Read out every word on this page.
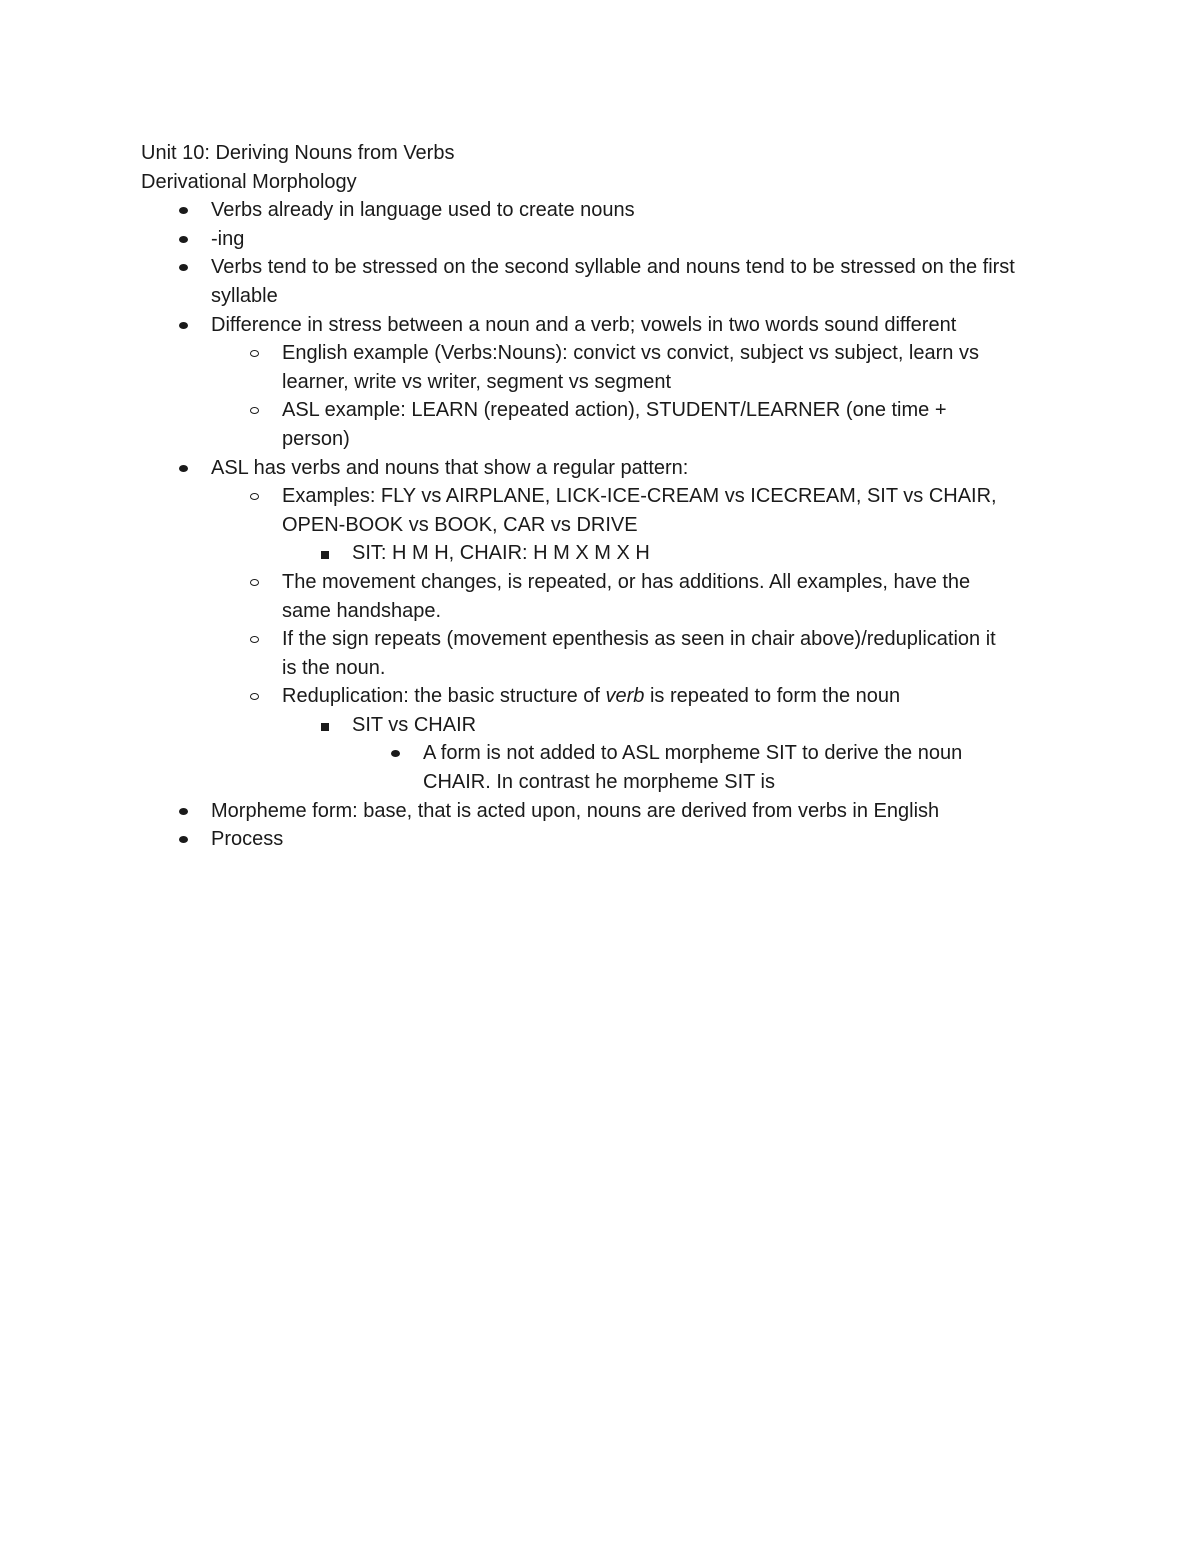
Unit 10: Deriving Nouns from Verbs
Derivational Morphology
Verbs already in language used to create nouns
-ing
Verbs tend to be stressed on the second syllable and nouns tend to be stressed on the first syllable
Difference in stress between a noun and a verb; vowels in two words sound different
English example (Verbs:Nouns): convict vs convict, subject vs subject, learn vs
learner, write vs writer, segment vs segment
ASL example: LEARN (repeated action), STUDENT/LEARNER (one time +
person)
ASL has verbs and nouns that show a regular pattern:
Examples: FLY vs AIRPLANE, LICK-ICE-CREAM vs ICECREAM, SIT vs CHAIR,
OPEN-BOOK vs BOOK, CAR vs DRIVE
SIT: H M H, CHAIR: H M X M X H
The movement changes, is repeated, or has additions. All examples, have the
same handshape.
If the sign repeats (movement epenthesis as seen in chair above)/reduplication it
is the noun.
Reduplication: the basic structure of verb is repeated to form the noun
SIT vs CHAIR
A form is not added to ASL morpheme SIT to derive the noun
CHAIR. In contrast he morpheme SIT is
Morpheme form: base, that is acted upon, nouns are derived from verbs in English
Process
